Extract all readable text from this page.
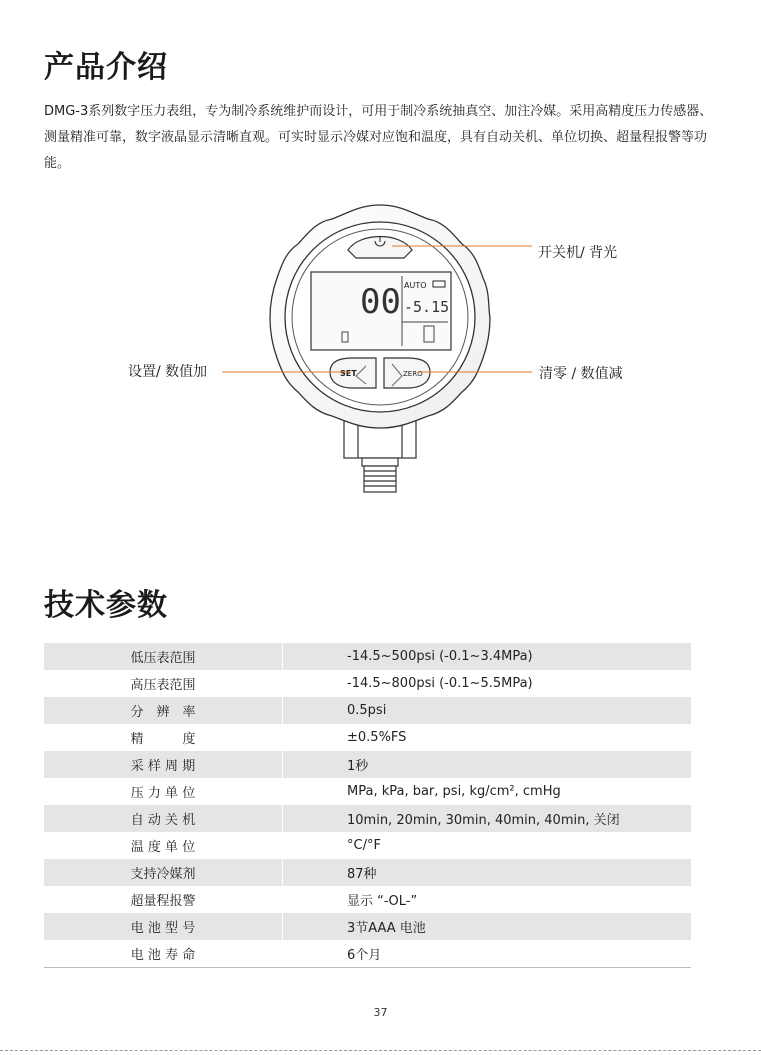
产品介绍

DMG-3系列数字压力表组，专为制冷系统维护而设计，可用于制冷系统抽真空、加注冷媒。采用高精度压力传感器、测量精准可靠，数字液晶显示清晰直观。可实时显示冷媒对应饱和温度，具有自动关机、单位切换、超量程报警等功能。

AUTO
00 -5.15
SET	ZERO
开关机/ 背光
设置/ 数值加	清零 / 数值减
技术参数
低压表范围	-14.5~500psi (-0.1~3.4MPa)
高压表范围	-14.5~800psi (-0.1~5.5MPa)
分　辨　率	0.5psi
精　　　度	±0.5%FS
采 样 周 期	1秒
压 力 单 位	MPa, kPa, bar, psi, kg/cm², cmHg
自 动 关 机	10min, 20min, 30min, 40min, 40min, 关闭
温 度 单 位	°C/°F
支持冷媒剂	87种
超量程报警	显示 “-OL-”
电 池 型 号	3节AAA 电池
电 池 寿 命	6个月
37
